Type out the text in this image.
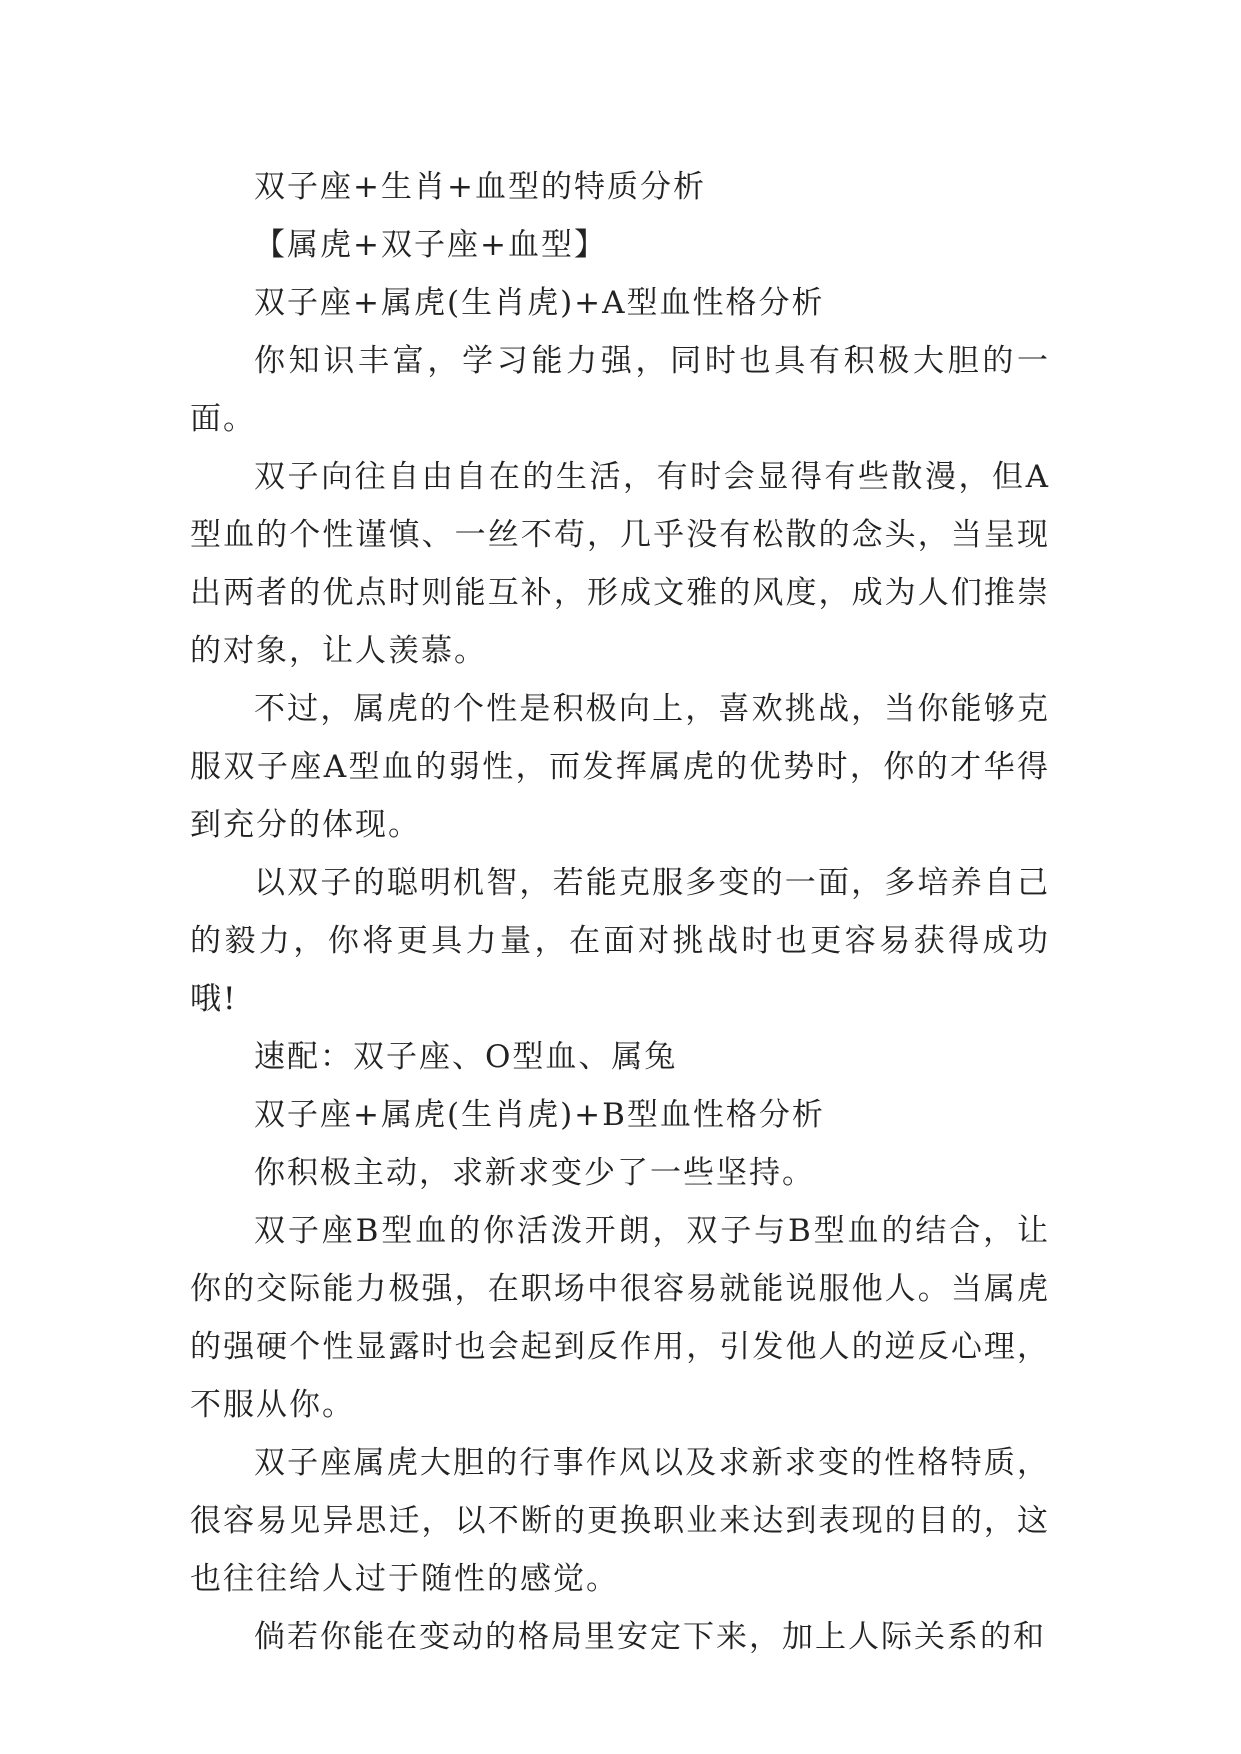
双子座+生肖+血型的特质分析

【属虎+双子座+血型】

双子座+属虎(生肖虎)+A型血性格分析

你知识丰富，学习能力强，同时也具有积极大胆的一面。

双子向往自由自在的生活，有时会显得有些散漫，但A型血的个性谨慎、一丝不苟，几乎没有松散的念头，当呈现出两者的优点时则能互补，形成文雅的风度，成为人们推崇的对象，让人羡慕。

不过，属虎的个性是积极向上，喜欢挑战，当你能够克服双子座A型血的弱性，而发挥属虎的优势时，你的才华得到充分的体现。

以双子的聪明机智，若能克服多变的一面，多培养自己的毅力，你将更具力量，在面对挑战时也更容易获得成功哦!

速配：双子座、O型血、属兔

双子座+属虎(生肖虎)+B型血性格分析

你积极主动，求新求变少了一些坚持。

双子座B型血的你活泼开朗，双子与B型血的结合，让你的交际能力极强，在职场中很容易就能说服他人。当属虎的强硬个性显露时也会起到反作用，引发他人的逆反心理，不服从你。

双子座属虎大胆的行事作风以及求新求变的性格特质，很容易见异思迁，以不断的更换职业来达到表现的目的，这也往往给人过于随性的感觉。

倘若你能在变动的格局里安定下来，加上人际关系的和
